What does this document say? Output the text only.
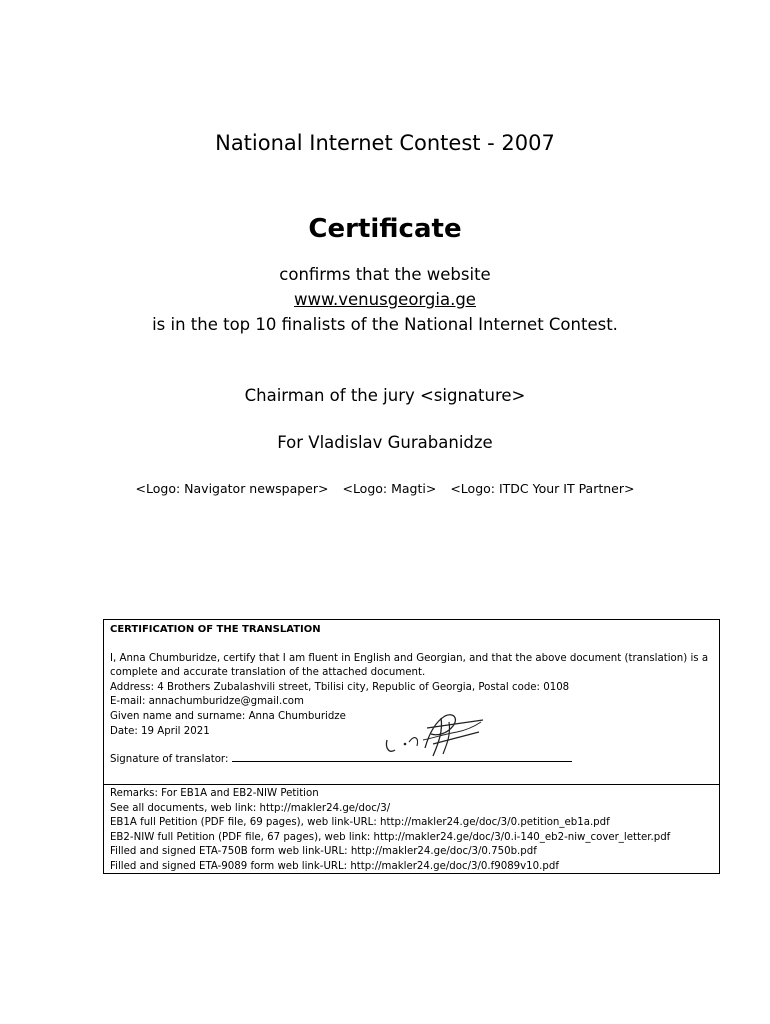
National Internet Contest - 2007
Certificate
confirms that the website
www.venusgeorgia.ge
is in the top 10 finalists of the National Internet Contest.
Chairman of the jury <signature>
For Vladislav Gurabanidze
<Logo: Navigator newspaper> <Logo: Magti> <Logo: ITDC Your IT Partner>
CERTIFICATION OF THE TRANSLATION

I, Anna Chumburidze, certify that I am fluent in English and Georgian, and that the above document (translation) is a complete and accurate translation of the attached document.

Address: 4 Brothers Zubalashvili street, Tbilisi city, Republic of Georgia, Postal code: 0108

E-mail: annachumburidze@gmail.com

Given name and surname: Anna Chumburidze

Date: 19 April 2021

Signature of translator:

Remarks: For EB1A and EB2-NIW Petition

See all documents, web link: http://makler24.ge/doc/3/

EB1A full Petition (PDF file, 69 pages), web link-URL: http://makler24.ge/doc/3/0.petition_eb1a.pdf

EB2-NIW full Petition (PDF file, 67 pages), web link: http://makler24.ge/doc/3/0.i-140_eb2-niw_cover_letter.pdf

Filled and signed ETA-750B form web link-URL: http://makler24.ge/doc/3/0.750b.pdf

Filled and signed ETA-9089 form web link-URL: http://makler24.ge/doc/3/0.f9089v10.pdf
